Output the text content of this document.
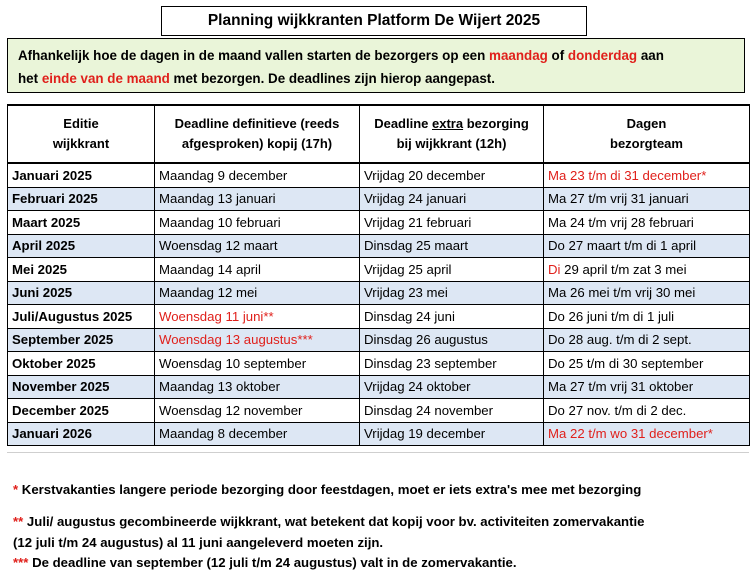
Planning wijkkranten Platform De Wijert 2025
Afhankelijk hoe de dagen in de maand vallen starten de bezorgers op een maandag of donderdag aan
het einde van de maand met bezorgen. De deadlines zijn hierop aangepast.
Editie
wijkkrant	Deadline definitieve (reeds
afgesproken) kopij (17h)	Deadline extra bezorging
bij wijkkrant (12h)	Dagen
bezorgteam
Januari 2025	Maandag 9 december	Vrijdag 20 december	Ma 23 t/m di 31 december*
Februari 2025	Maandag 13 januari	Vrijdag 24 januari	Ma 27 t/m vrij 31 januari
Maart 2025	Maandag 10 februari	Vrijdag 21 februari	Ma 24 t/m vrij 28 februari
April 2025	Woensdag 12 maart	Dinsdag 25 maart	Do 27 maart t/m di 1 april
Mei 2025	Maandag 14 april	Vrijdag 25 april	Di 29 april t/m zat 3 mei
Juni 2025	Maandag 12 mei	Vrijdag 23 mei	Ma 26 mei t/m vrij 30 mei
Juli/Augustus 2025	Woensdag 11 juni**	Dinsdag 24 juni	Do 26 juni t/m di 1 juli
September 2025	Woensdag 13 augustus***	Dinsdag 26 augustus	Do 28 aug. t/m di 2 sept.
Oktober 2025	Woensdag 10 september	Dinsdag 23 september	Do 25 t/m di 30 september
November 2025	Maandag 13 oktober	Vrijdag 24 oktober	Ma 27 t/m vrij 31 oktober
December 2025	Woensdag 12 november	Dinsdag 24 november	Do 27 nov. t/m di 2 dec.
Januari 2026	Maandag 8 december	Vrijdag 19 december	Ma 22 t/m wo 31 december*
* Kerstvakanties langere periode bezorging door feestdagen, moet er iets extra's mee met bezorging
** Juli/ augustus gecombineerde wijkkrant, wat betekent dat kopij voor bv. activiteiten zomervakantie
(12 juli t/m 24 augustus) al 11 juni aangeleverd moeten zijn.
*** De deadline van september (12 juli t/m 24 augustus) valt in de zomervakantie.
